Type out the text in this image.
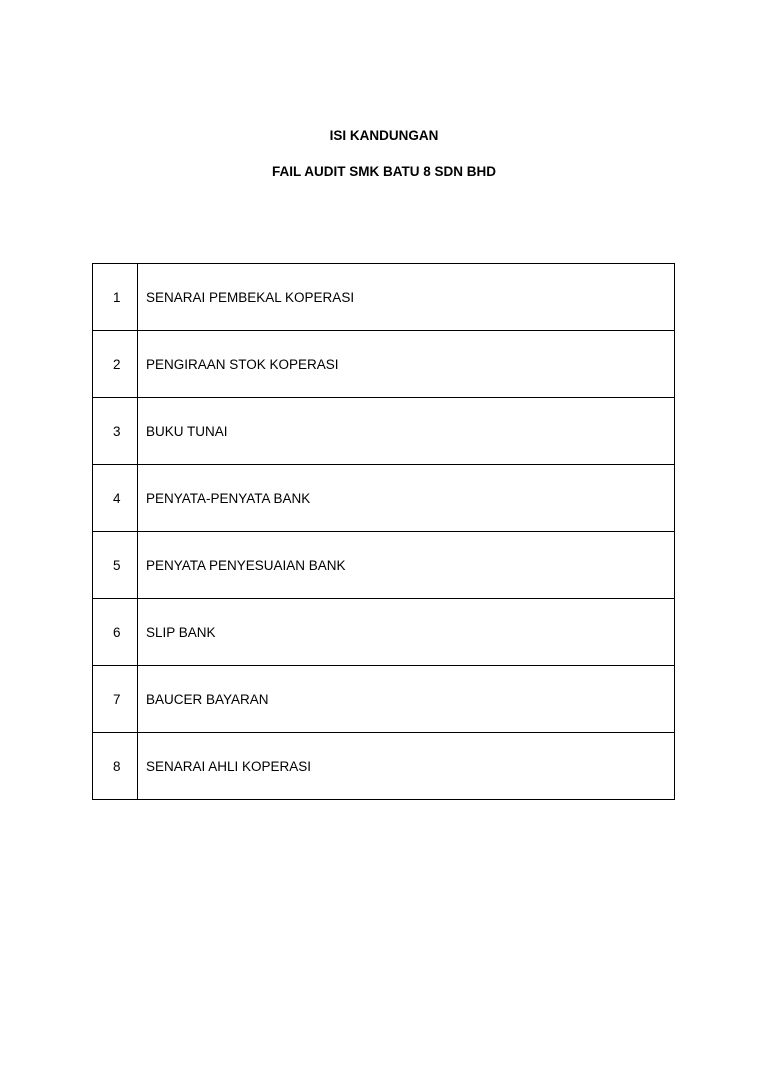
ISI KANDUNGAN
FAIL AUDIT SMK BATU 8 SDN BHD
1	SENARAI PEMBEKAL KOPERASI
2	PENGIRAAN STOK KOPERASI
3	BUKU TUNAI
4	PENYATA-PENYATA BANK
5	PENYATA PENYESUAIAN BANK
6	SLIP BANK
7	BAUCER BAYARAN
8	SENARAI AHLI KOPERASI
